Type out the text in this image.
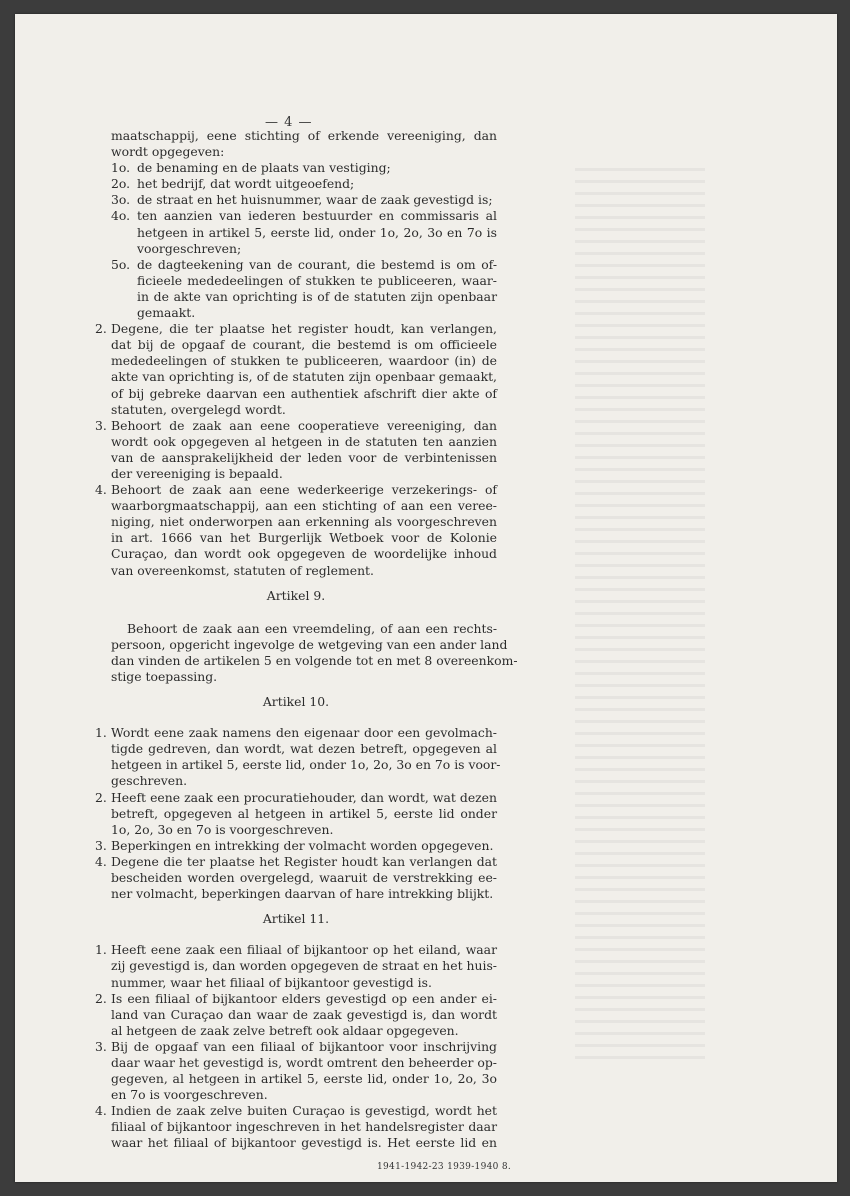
— 4 —
maatschappij, eene stichting of erkende vereeniging, dan
wordt opgegeven:
1o. de benaming en de plaats van vestiging;
2o. het bedrijf, dat wordt uitgeoefend;
3o. de straat en het huisnummer, waar de zaak gevestigd is;
4o. ten aanzien van iederen bestuurder en commissaris al
hetgeen in artikel 5, eerste lid, onder 1o, 2o, 3o en 7o is
voorgeschreven;
5o. de dagteekening van de courant, die bestemd is om of-
ficieele mededeelingen of stukken te publiceeren, waar-
in de akte van oprichting is of de statuten zijn openbaar
gemaakt.
2. Degene, die ter plaatse het register houdt, kan verlangen,
dat bij de opgaaf de courant, die bestemd is om officieele
mededeelingen of stukken te publiceeren, waardoor (in) de
akte van oprichting is, of de statuten zijn openbaar gemaakt,
of bij gebreke daarvan een authentiek afschrift dier akte of
statuten, overgelegd wordt.
3. Behoort de zaak aan eene cooperatieve vereeniging, dan
wordt ook opgegeven al hetgeen in de statuten ten aanzien
van de aansprakelijkheid der leden voor de verbintenissen
der vereeniging is bepaald.
4. Behoort de zaak aan eene wederkeerige verzekerings- of
waarborgmaatschappij, aan een stichting of aan een veree-
niging, niet onderworpen aan erkenning als voorgeschreven
in art. 1666 van het Burgerlijk Wetboek voor de Kolonie
Curaçao, dan wordt ook opgegeven de woordelijke inhoud
van overeenkomst, statuten of reglement.
Artikel 9.
Behoort de zaak aan een vreemdeling, of aan een rechts-
persoon, opgericht ingevolge de wetgeving van een ander land
dan vinden de artikelen 5 en volgende tot en met 8 overeenkom-
stige toepassing.
Artikel 10.
1. Wordt eene zaak namens den eigenaar door een gevolmach-
tigde gedreven, dan wordt, wat dezen betreft, opgegeven al
hetgeen in artikel 5, eerste lid, onder 1o, 2o, 3o en 7o is voor-
geschreven.
2. Heeft eene zaak een procuratiehouder, dan wordt, wat dezen
betreft, opgegeven al hetgeen in artikel 5, eerste lid onder
1o, 2o, 3o en 7o is voorgeschreven.
3. Beperkingen en intrekking der volmacht worden opgegeven.
4. Degene die ter plaatse het Register houdt kan verlangen dat
bescheiden worden overgelegd, waaruit de verstrekking ee-
ner volmacht, beperkingen daarvan of hare intrekking blijkt.
Artikel 11.
1. Heeft eene zaak een filiaal of bijkantoor op het eiland, waar
zij gevestigd is, dan worden opgegeven de straat en het huis-
nummer, waar het filiaal of bijkantoor gevestigd is.
2. Is een filiaal of bijkantoor elders gevestigd op een ander ei-
land van Curaçao dan waar de zaak gevestigd is, dan wordt
al hetgeen de zaak zelve betreft ook aldaar opgegeven.
3. Bij de opgaaf van een filiaal of bijkantoor voor inschrijving
daar waar het gevestigd is, wordt omtrent den beheerder op-
gegeven, al hetgeen in artikel 5, eerste lid, onder 1o, 2o, 3o
en 7o is voorgeschreven.
4. Indien de zaak zelve buiten Curaçao is gevestigd, wordt het
filiaal of bijkantoor ingeschreven in het handelsregister daar
waar het filiaal of bijkantoor gevestigd is. Het eerste lid en
1941-1942-23 1939-1940 8.
